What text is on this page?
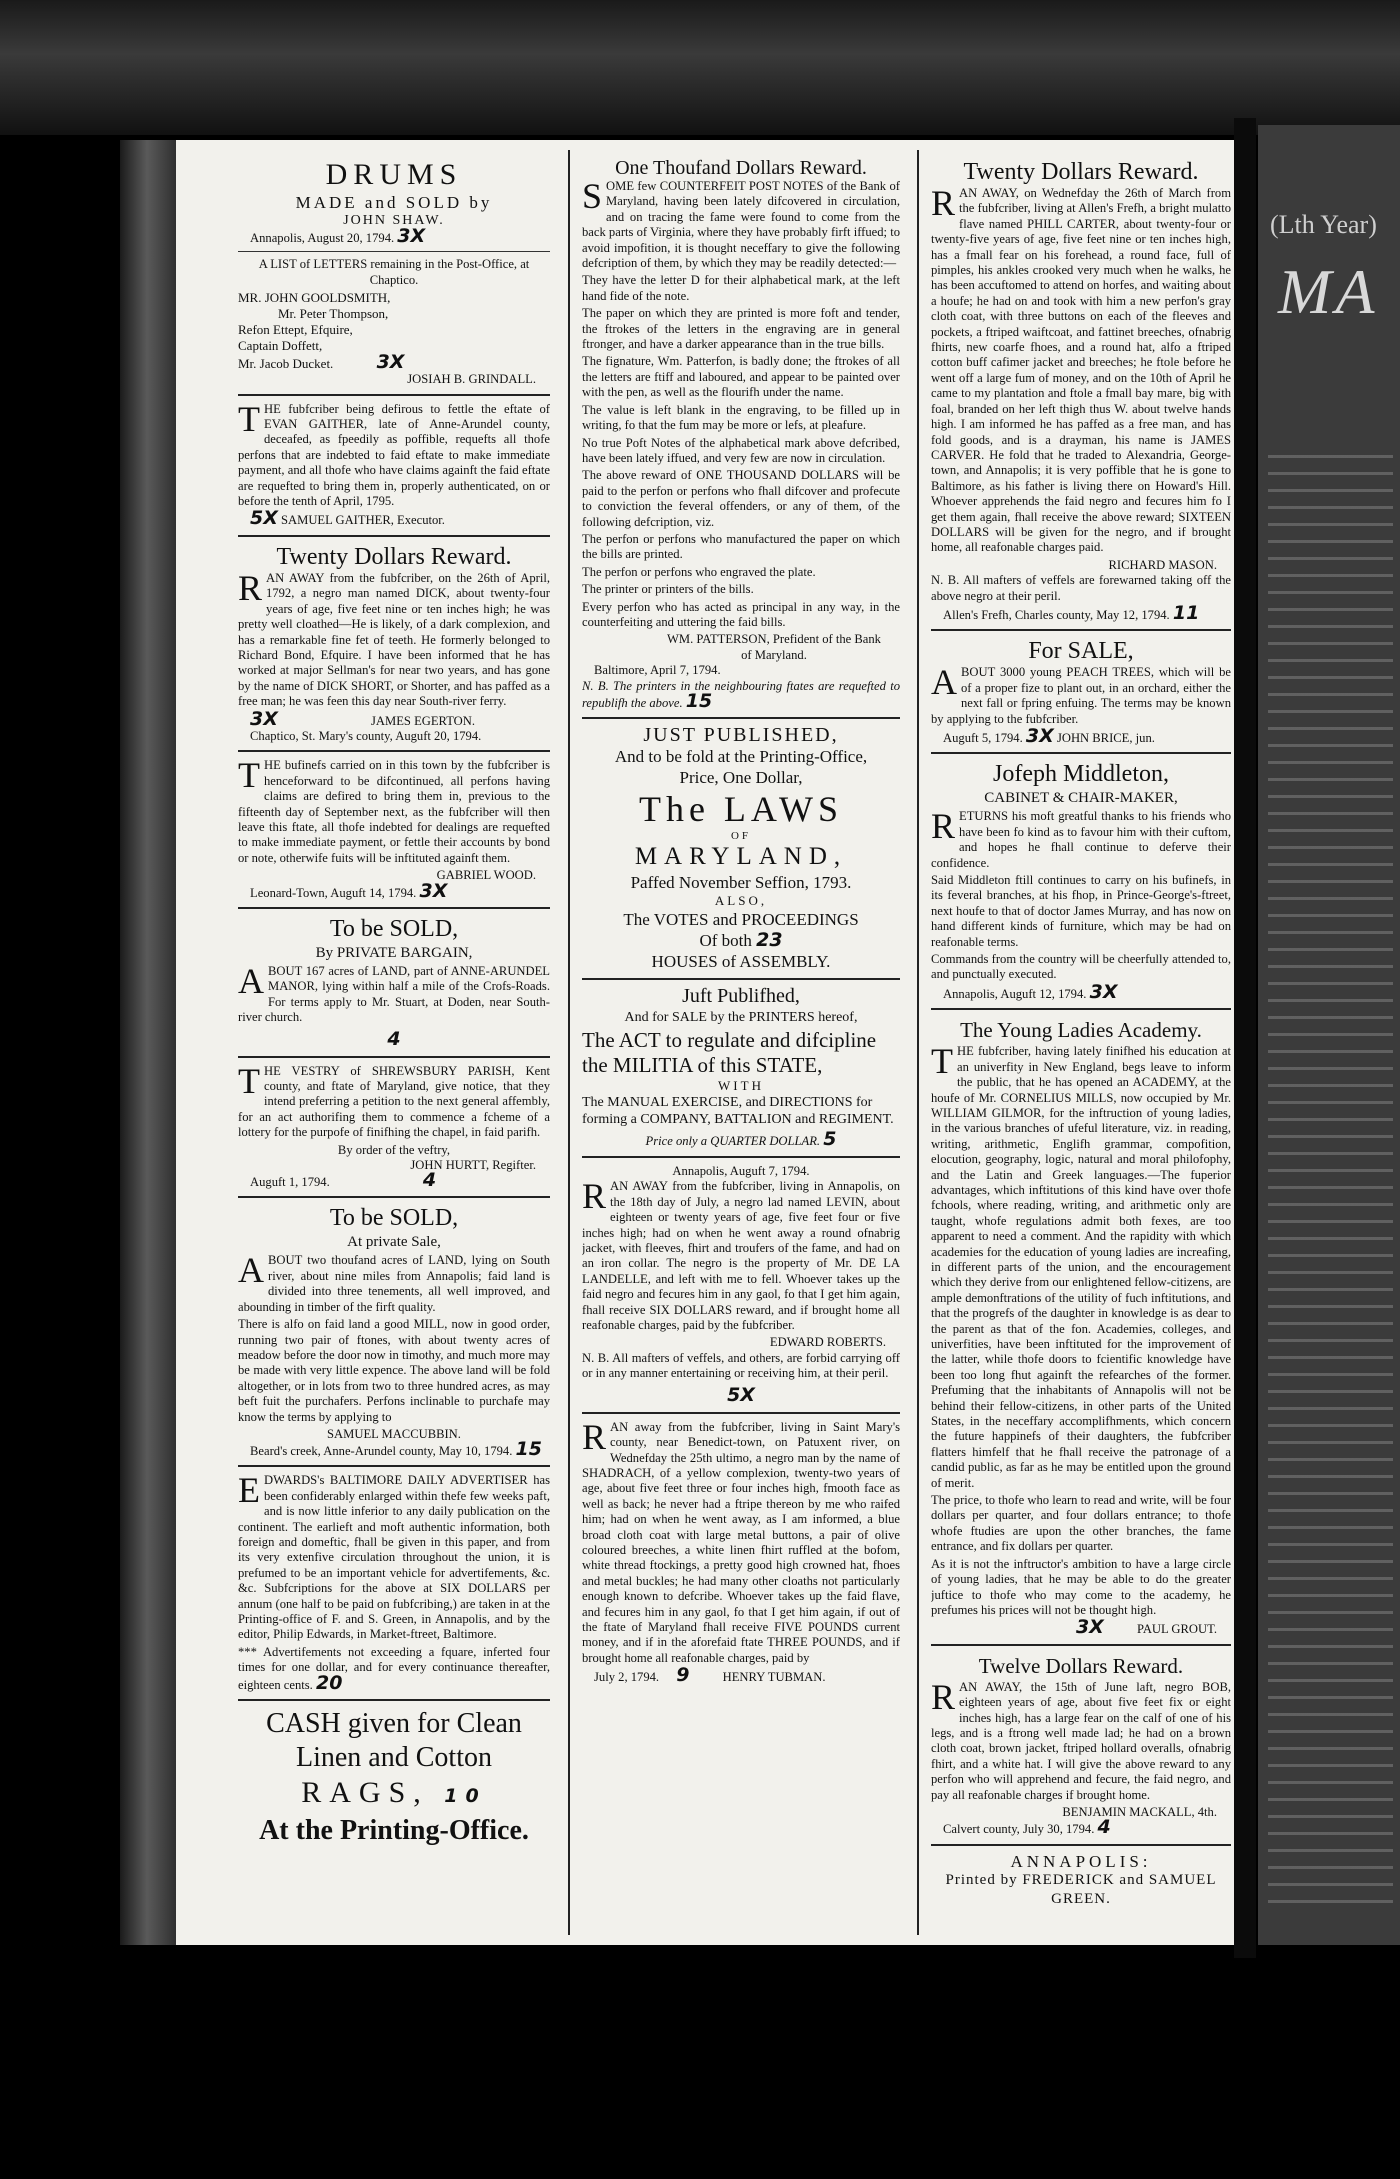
(Lth Year)
MA
DRUMS
MADE and SOLD by
JOHN SHAW.
Annapolis, August 20, 1794. 3X

A LIST of LETTERS remaining in the Post-Office, at Chaptico.

MR. JOHN GOOLDSMITH,
Mr. Peter Thompson,
Refon Ettept, Efquire,
Captain Doffett,
Mr. Jacob Ducket. 3X
JOSIAH B. GRINDALL.

THE fubfcriber being defirous to fettle the eftate of EVAN GAITHER, late of Anne-Arundel county, deceafed, as fpeedily as poffible, requefts all thofe perfons that are indebted to faid eftate to make immediate payment, and all thofe who have claims againft the faid eftate are requefted to bring them in, properly authenticated, on or before the tenth of April, 1795.

5X SAMUEL GAITHER, Executor.
Twenty Dollars Reward.

RAN AWAY from the fubfcriber, on the 26th of April, 1792, a negro man named DICK, about twenty-four years of age, five feet nine or ten inches high; he was pretty well cloathed—He is likely, of a dark complexion, and has a remarkable fine fet of teeth. He formerly belonged to Richard Bond, Efquire. I have been informed that he has worked at major Sellman's for near two years, and has gone by the name of DICK SHORT, or Shorter, and has paffed as a free man; he was feen this day near South-river ferry.

3X	JAMES EGERTON.
Chaptico, St. Mary's county, Auguft 20, 1794.

THE bufinefs carried on in this town by the fubfcriber is henceforward to be difcontinued, all perfons having claims are defired to bring them in, previous to the fifteenth day of September next, as the fubfcriber will then leave this ftate, all thofe indebted for dealings are requefted to make immediate payment, or fettle their accounts by bond or note, otherwife fuits will be inftituted againft them.

GABRIEL WOOD.
Leonard-Town, Auguft 14, 1794. 3X
To be SOLD,
By PRIVATE BARGAIN,

ABOUT 167 acres of LAND, part of ANNE-ARUNDEL MANOR, lying within half a mile of the Crofs-Roads. For terms apply to Mr. Stuart, at Doden, near South-river church.

4

THE VESTRY of SHREWSBURY PARISH, Kent county, and ftate of Maryland, give notice, that they intend preferring a petition to the next general affembly, for an act authorifing them to commence a fcheme of a lottery for the purpofe of finifhing the chapel, in faid parifh.

By order of the veftry,
JOHN HURTT, Regifter.
Auguft 1, 1794.	4
To be SOLD,
At private Sale,

ABOUT two thoufand acres of LAND, lying on South river, about nine miles from Annapolis; faid land is divided into three tenements, all well improved, and abounding in timber of the firft quality.

There is alfo on faid land a good MILL, now in good order, running two pair of ftones, with about twenty acres of meadow before the door now in timothy, and much more may be made with very little expence. The above land will be fold altogether, or in lots from two to three hundred acres, as may beft fuit the purchafers. Perfons inclinable to purchafe may know the terms by applying to

SAMUEL MACCUBBIN.
Beard's creek, Anne-Arundel county, May 10, 1794. 15

EDWARDS's BALTIMORE DAILY ADVERTISER has been confiderably enlarged within thefe few weeks paft, and is now little inferior to any daily publication on the continent. The earlieft and moft authentic information, both foreign and domeftic, fhall be given in this paper, and from its very extenfive circulation throughout the union, it is prefumed to be an important vehicle for advertifements, &c. &c. Subfcriptions for the above at SIX DOLLARS per annum (one half to be paid on fubfcribing,) are taken in at the Printing-office of F. and S. Green, in Annapolis, and by the editor, Philip Edwards, in Market-ftreet, Baltimore.

*** Advertifements not exceeding a fquare, inferted four times for one dollar, and for every continuance thereafter, eighteen cents. 20

CASH given for Clean
Linen and Cotton
RAGS, 10
At the Printing-Office.
One Thoufand Dollars Reward.

SOME few COUNTERFEIT POST NOTES of the Bank of Maryland, having been lately difcovered in circulation, and on tracing the fame were found to come from the back parts of Virginia, where they have probably firft iffued; to avoid impofition, it is thought neceffary to give the following defcription of them, by which they may be readily detected:—

They have the letter D for their alphabetical mark, at the left hand fide of the note.

The paper on which they are printed is more foft and tender, the ftrokes of the letters in the engraving are in general ftronger, and have a darker appearance than in the true bills.

The fignature, Wm. Patterfon, is badly done; the ftrokes of all the letters are ftiff and laboured, and appear to be painted over with the pen, as well as the flourifh under the name.

The value is left blank in the engraving, to be filled up in writing, fo that the fum may be more or lefs, at pleafure.

No true Poft Notes of the alphabetical mark above defcribed, have been lately iffued, and very few are now in circulation.

The above reward of ONE THOUSAND DOLLARS will be paid to the perfon or perfons who fhall difcover and profecute to conviction the feveral offenders, or any of them, of the following defcription, viz.

The perfon or perfons who manufactured the paper on which the bills are printed.

The perfon or perfons who engraved the plate.

The printer or printers of the bills.

Every perfon who has acted as principal in any way, in the counterfeiting and uttering the faid bills.

WM. PATTERSON, Prefident of the Bank of Maryland.
Baltimore, April 7, 1794.

N. B. The printers in the neighbouring ftates are requefted to republifh the above. 15

JUST PUBLISHED,
And to be fold at the Printing-Office,
Price, One Dollar,
The LAWS
OF
MARYLAND,
Paffed November Seffion, 1793.
ALSO,
The VOTES and PROCEEDINGS
Of both 23
HOUSES of ASSEMBLY.
Juft Publifhed,
And for SALE by the PRINTERS hereof,
The ACT to regulate and difcipline the MILITIA of this STATE,
WITH
The MANUAL EXERCISE, and DIRECTIONS for forming a COMPANY, BATTALION and REGIMENT.
Price only a QUARTER DOLLAR. 5
Annapolis, Auguft 7, 1794.

RAN AWAY from the fubfcriber, living in Annapolis, on the 18th day of July, a negro lad named LEVIN, about eighteen or twenty years of age, five feet four or five inches high; had on when he went away a round ofnabrig jacket, with fleeves, fhirt and troufers of the fame, and had on an iron collar. The negro is the property of Mr. DE LA LANDELLE, and left with me to fell. Whoever takes up the faid negro and fecures him in any gaol, fo that I get him again, fhall receive SIX DOLLARS reward, and if brought home all reafonable charges, paid by the fubfcriber.

EDWARD ROBERTS.

N. B. All mafters of veffels, and others, are forbid carrying off or in any manner entertaining or receiving him, at their peril.

5X

RAN away from the fubfcriber, living in Saint Mary's county, near Benedict-town, on Patuxent river, on Wednefday the 25th ultimo, a negro man by the name of SHADRACH, of a yellow complexion, twenty-two years of age, about five feet three or four inches high, fmooth face as well as back; he never had a ftripe thereon by me who raifed him; had on when he went away, as I am informed, a blue broad cloth coat with large metal buttons, a pair of olive coloured breeches, a white linen fhirt ruffled at the bofom, white thread ftockings, a pretty good high crowned hat, fhoes and metal buckles; he had many other cloaths not particularly enough known to defcribe. Whoever takes up the faid flave, and fecures him in any gaol, fo that I get him again, if out of the ftate of Maryland fhall receive FIVE POUNDS current money, and if in the aforefaid ftate THREE POUNDS, and if brought home all reafonable charges, paid by

July 2, 1794. 9	HENRY TUBMAN.
Twenty Dollars Reward.

RAN AWAY, on Wednefday the 26th of March from the fubfcriber, living at Allen's Frefh, a bright mulatto flave named PHILL CARTER, about twenty-four or twenty-five years of age, five feet nine or ten inches high, has a fmall fear on his forehead, a round face, full of pimples, his ankles crooked very much when he walks, he has been accuftomed to attend on horfes, and waiting about a houfe; he had on and took with him a new perfon's gray cloth coat, with three buttons on each of the fleeves and pockets, a ftriped waiftcoat, and fattinet breeches, ofnabrig fhirts, new coarfe fhoes, and a round hat, alfo a ftriped cotton buff cafimer jacket and breeches; he ftole before he went off a large fum of money, and on the 10th of April he came to my plantation and ftole a fmall bay mare, big with foal, branded on her left thigh thus W. about twelve hands high. I am informed he has paffed as a free man, and has fold goods, and is a drayman, his name is JAMES CARVER. He fold that he traded to Alexandria, George-town, and Annapolis; it is very poffible that he is gone to Baltimore, as his father is living there on Howard's Hill. Whoever apprehends the faid negro and fecures him fo I get them again, fhall receive the above reward; SIXTEEN DOLLARS will be given for the negro, and if brought home, all reafonable charges paid.

RICHARD MASON.

N. B. All mafters of veffels are forewarned taking off the above negro at their peril.

Allen's Frefh, Charles county, May 12, 1794. 11
For SALE,

ABOUT 3000 young PEACH TREES, which will be of a proper fize to plant out, in an orchard, either the next fall or fpring enfuing. The terms may be known by applying to the fubfcriber.

Auguft 5, 1794. 3X JOHN BRICE, jun.
Jofeph Middleton,
CABINET & CHAIR-MAKER,

RETURNS his moft greatful thanks to his friends who have been fo kind as to favour him with their cuftom, and hopes he fhall continue to deferve their confidence.

Said Middleton ftill continues to carry on his bufinefs, in its feveral branches, at his fhop, in Prince-George's-ftreet, next houfe to that of doctor James Murray, and has now on hand different kinds of furniture, which may be had on reafonable terms.

Commands from the country will be cheerfully attended to, and punctually executed.

Annapolis, Auguft 12, 1794. 3X
The Young Ladies Academy.

THE fubfcriber, having lately finifhed his education at an univerfity in New England, begs leave to inform the public, that he has opened an ACADEMY, at the houfe of Mr. CORNELIUS MILLS, now occupied by Mr. WILLIAM GILMOR, for the inftruction of young ladies, in the various branches of ufeful literature, viz. in reading, writing, arithmetic, Englifh grammar, compofition, elocution, geography, logic, natural and moral philofophy, and the Latin and Greek languages.—The fuperior advantages, which inftitutions of this kind have over thofe fchools, where reading, writing, and arithmetic only are taught, whofe regulations admit both fexes, are too apparent to need a comment. And the rapidity with which academies for the education of young ladies are increafing, in different parts of the union, and the encouragement which they derive from our enlightened fellow-citizens, are ample demonftrations of the utility of fuch inftitutions, and that the progrefs of the daughter in knowledge is as dear to the parent as that of the fon. Academies, colleges, and univerfities, have been inftituted for the improvement of the latter, while thofe doors to fcientific knowledge have been too long fhut againft the refearches of the former. Prefuming that the inhabitants of Annapolis will not be behind their fellow-citizens, in other parts of the United States, in the neceffary accomplifhments, which concern the future happinefs of their daughters, the fubfcriber flatters himfelf that he fhall receive the patronage of a candid public, as far as he may be entitled upon the ground of merit.

The price, to thofe who learn to read and write, will be four dollars per quarter, and four dollars entrance; to thofe whofe ftudies are upon the other branches, the fame entrance, and fix dollars per quarter.

As it is not the inftructor's ambition to have a large circle of young ladies, that he may be able to do the greater juftice to thofe who may come to the academy, he prefumes his prices will not be thought high.

3X	PAUL GROUT.
Twelve Dollars Reward.

RAN AWAY, the 15th of June laft, negro BOB, eighteen years of age, about five feet fix or eight inches high, has a large fear on the calf of one of his legs, and is a ftrong well made lad; he had on a brown cloth coat, brown jacket, ftriped hollard overalls, ofnabrig fhirt, and a white hat. I will give the above reward to any perfon who will apprehend and fecure, the faid negro, and pay all reafonable charges if brought home.

BENJAMIN MACKALL, 4th.
Calvert county, July 30, 1794. 4
ANNAPOLIS:
Printed by FREDERICK and SAMUEL GREEN.
